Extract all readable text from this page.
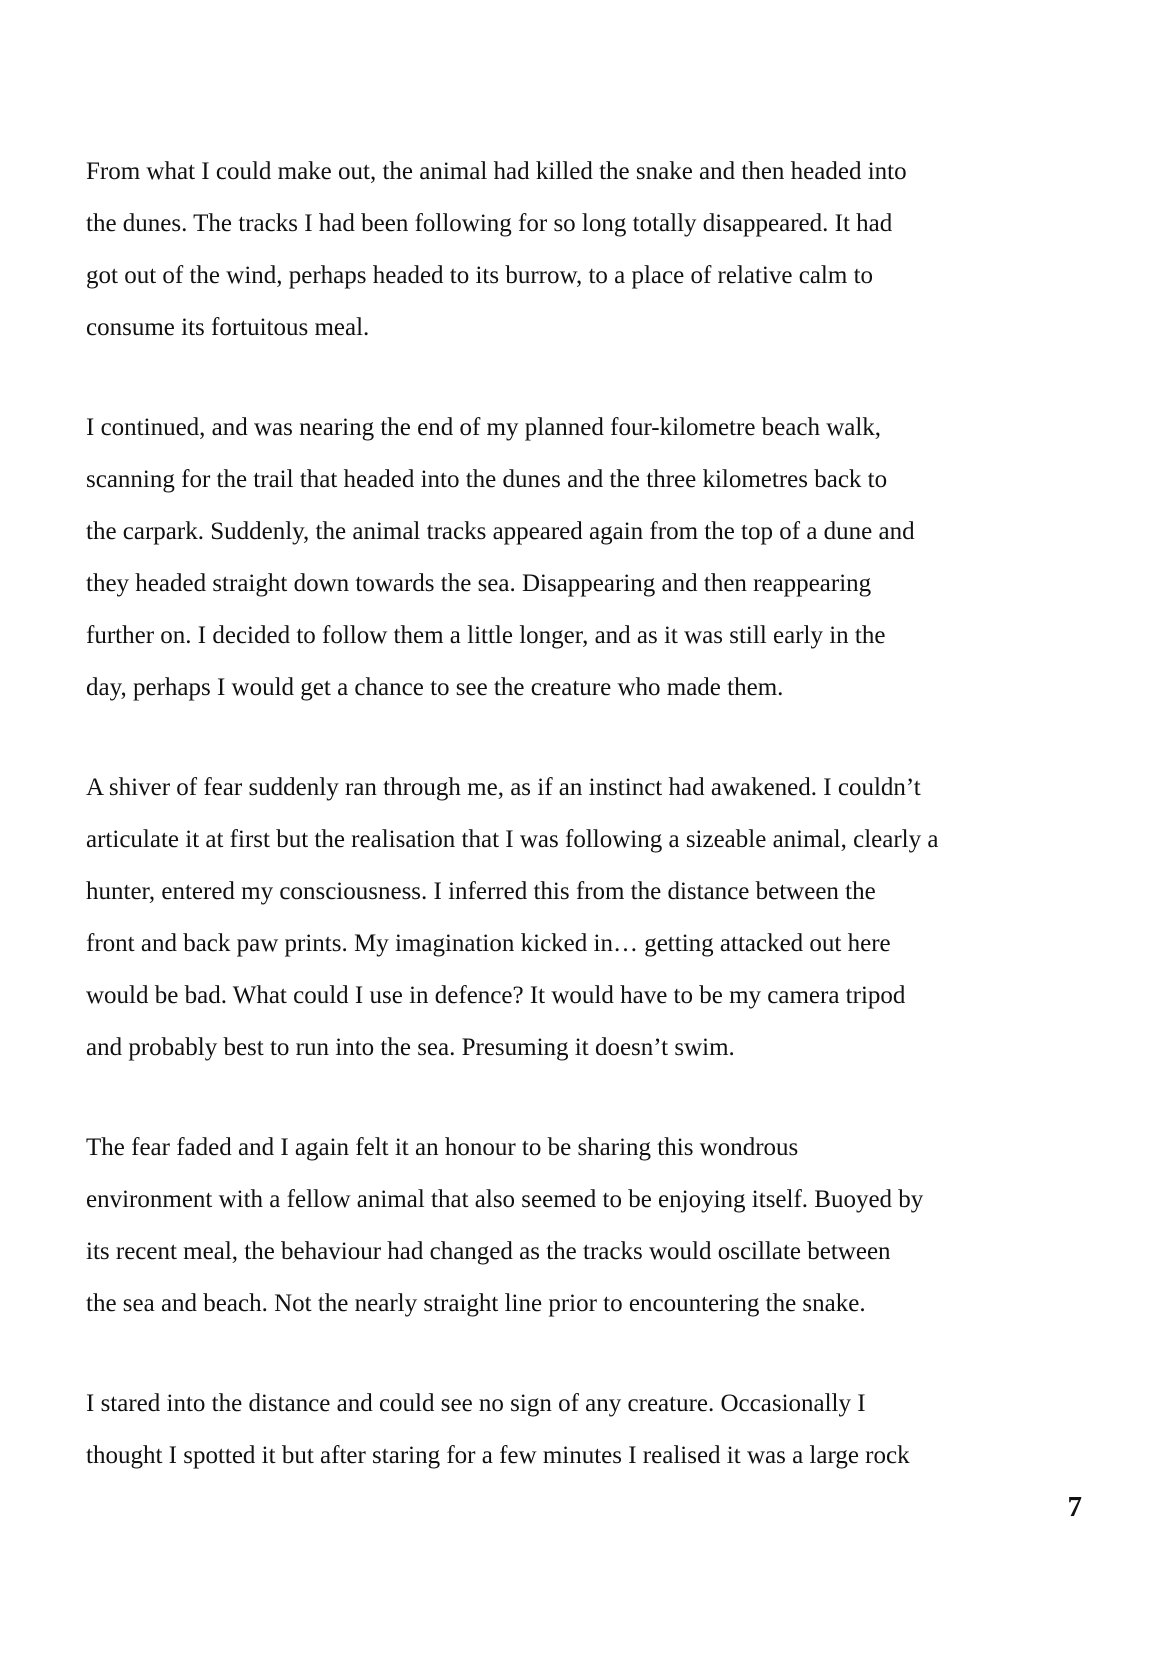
From what I could make out, the animal had killed the snake and then headed into
the dunes. The tracks I had been following for so long totally disappeared. It had
got out of the wind, perhaps headed to its burrow, to a place of relative calm to
consume its fortuitous meal.

I continued, and was nearing the end of my planned four-kilometre beach walk,
scanning for the trail that headed into the dunes and the three kilometres back to
the carpark. Suddenly, the animal tracks appeared again from the top of a dune and
they headed straight down towards the sea. Disappearing and then reappearing
further on. I decided to follow them a little longer, and as it was still early in the
day, perhaps I would get a chance to see the creature who made them.

A shiver of fear suddenly ran through me, as if an instinct had awakened. I couldn’t
articulate it at first but the realisation that I was following a sizeable animal, clearly a
hunter, entered my consciousness. I inferred this from the distance between the
front and back paw prints. My imagination kicked in… getting attacked out here
would be bad. What could I use in defence? It would have to be my camera tripod
and probably best to run into the sea. Presuming it doesn’t swim.

The fear faded and I again felt it an honour to be sharing this wondrous
environment with a fellow animal that also seemed to be enjoying itself. Buoyed by
its recent meal, the behaviour had changed as the tracks would oscillate between
the sea and beach. Not the nearly straight line prior to encountering the snake.

I stared into the distance and could see no sign of any creature. Occasionally I
thought I spotted it but after staring for a few minutes I realised it was a large rock

7
